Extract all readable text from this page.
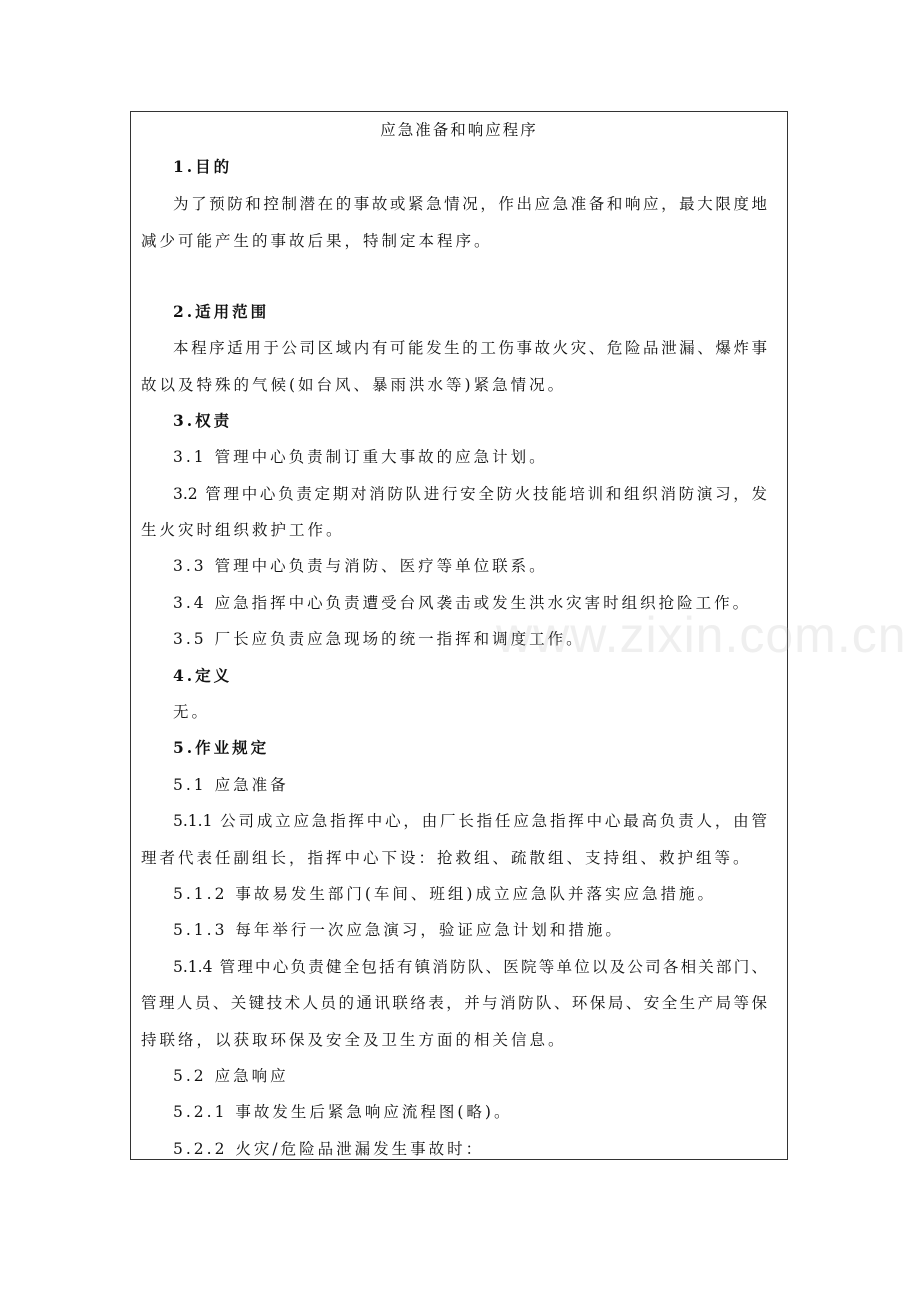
应急准备和响应程序
1.目的
为了预防和控制潜在的事故或紧急情况，作出应急准备和响应，最大限度地
减少可能产生的事故后果，特制定本程序。
2.适用范围
本程序适用于公司区域内有可能发生的工伤事故火灾、危险品泄漏、爆炸事
故以及特殊的气候(如台风、暴雨洪水等)紧急情况。
3.权责
3.1 管理中心负责制订重大事故的应急计划。
3.2 管理中心负责定期对消防队进行安全防火技能培训和组织消防演习，发
生火灾时组织救护工作。
3.3 管理中心负责与消防、医疗等单位联系。
3.4 应急指挥中心负责遭受台风袭击或发生洪水灾害时组织抢险工作。
3.5 厂长应负责应急现场的统一指挥和调度工作。
4.定义
无。
5.作业规定
5.1 应急准备
5.1.1 公司成立应急指挥中心，由厂长指任应急指挥中心最高负责人，由管
理者代表任副组长，指挥中心下设：抢救组、疏散组、支持组、救护组等。
5.1.2 事故易发生部门(车间、班组)成立应急队并落实应急措施。
5.1.3 每年举行一次应急演习，验证应急计划和措施。
5.1.4 管理中心负责健全包括有镇消防队、医院等单位以及公司各相关部门、
管理人员、关键技术人员的通讯联络表，并与消防队、环保局、安全生产局等保
持联络，以获取环保及安全及卫生方面的相关信息。
5.2 应急响应
5.2.1 事故发生后紧急响应流程图(略)。
5.2.2 火灾/危险品泄漏发生事故时：
www.zixin.com.cn
